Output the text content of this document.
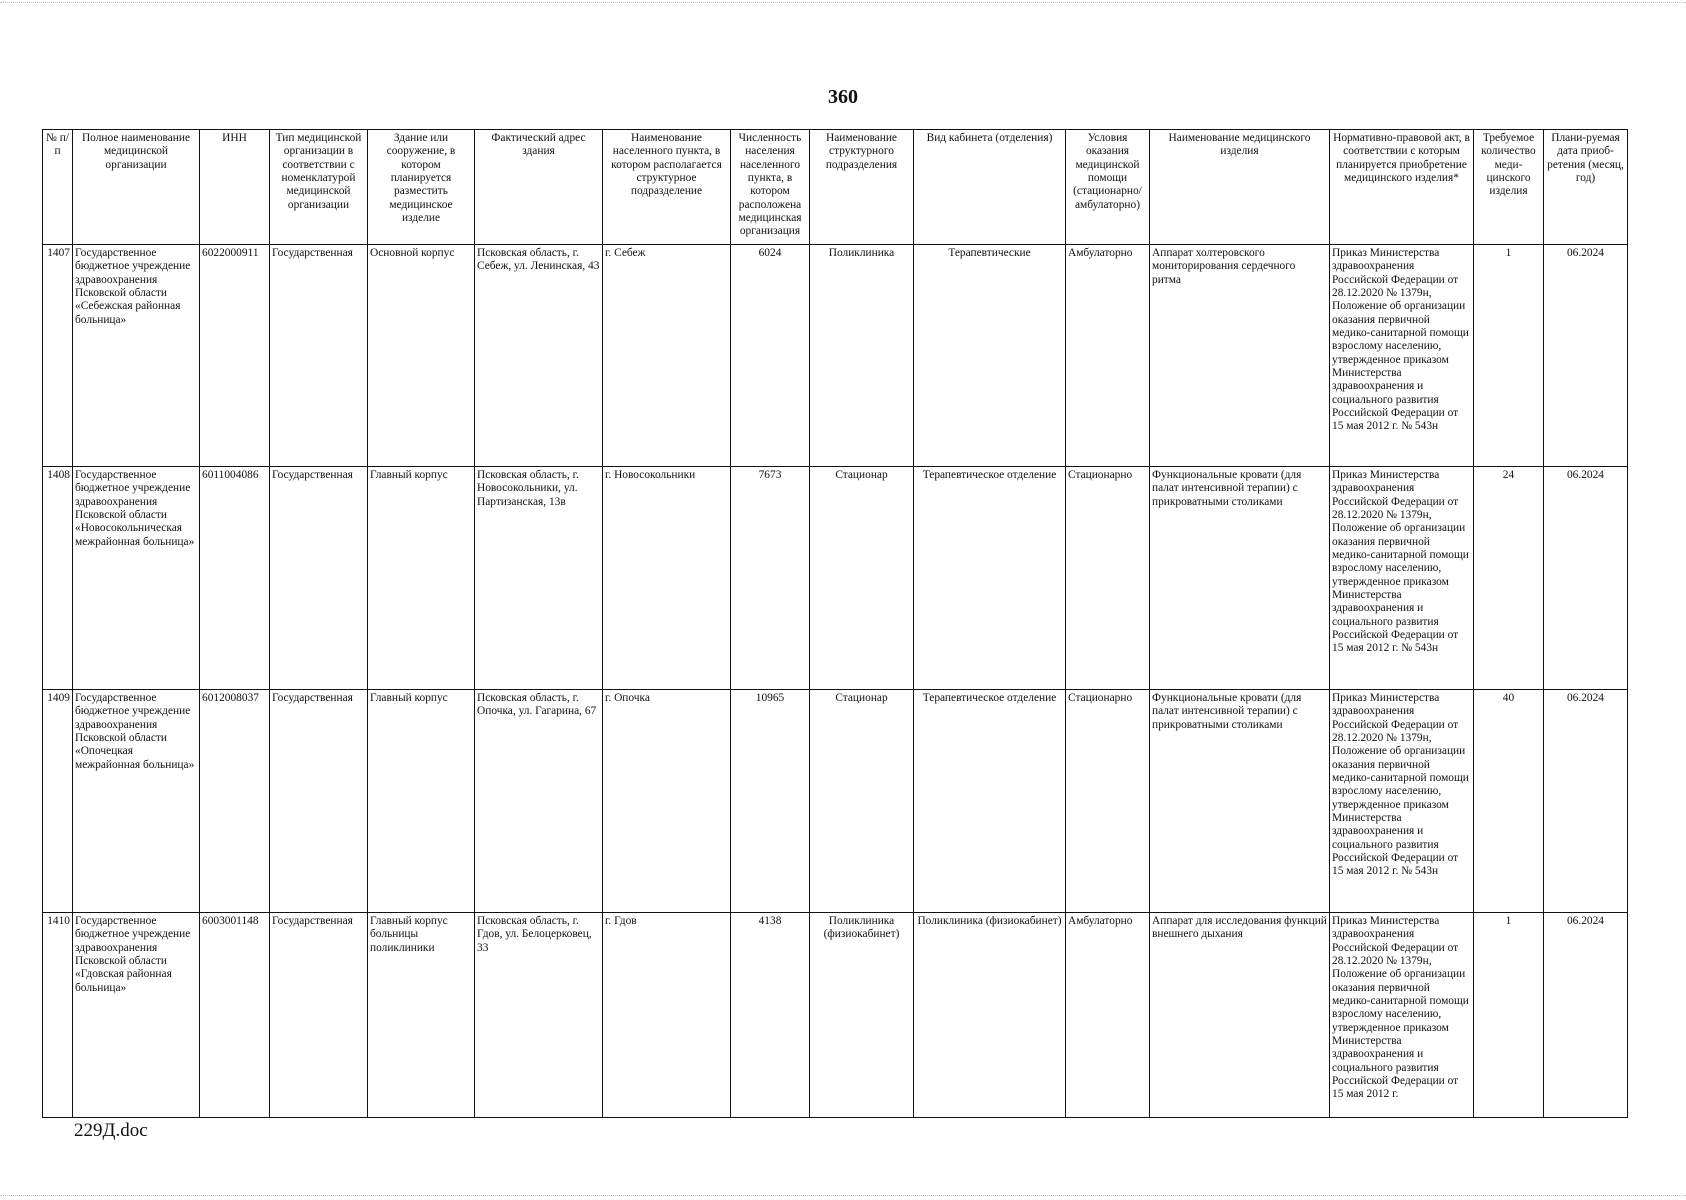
360
№ п/п	Полное наименование медицинской организации	ИНН	Тип медицинской организации в соответствии с номенклатурой медицинской организации	Здание или сооружение, в котором планируется разместить медицинское изделие	Фактический адрес здания	Наименование населенного пункта, в котором располагается структурное подразделение	Численность населения населенного пункта, в котором расположена медицинская организация	Наименование структурного подразделения	Вид кабинета (отделения)	Условия оказания медицинской помощи (стационарно/амбулаторно)	Наименование медицинского изделия	Нормативно-правовой акт, в соответствии с которым планируется приобретение медицинского изделия*	Требуемое количество меди-цинского изделия	Плани-руемая дата приоб-ретения (месяц, год)
1407	Государственное бюджетное учреждение здравоохранения Псковской области «Себежская районная больница»	6022000911	Государственная	Основной корпус	Псковская область, г. Себеж, ул. Ленинская, 43	г. Себеж	6024	Поликлиника	Терапевтические	Амбулаторно	Аппарат холтеровского мониторирования сердечного ритма	Приказ Министерства здравоохранения Российской Федерации от 28.12.2020 № 1379н, Положение об организации оказания первичной медико-санитарной помощи взрослому населению, утвержденное приказом Министерства здравоохранения и социального развития Российской Федерации от 15 мая 2012 г. № 543н	1	06.2024
1408	Государственное бюджетное учреждение здравоохранения Псковской области «Новосокольническая межрайонная больница»	6011004086	Государственная	Главный корпус	Псковская область, г. Новосокольники, ул. Партизанская, 13в	г. Новосокольники	7673	Стационар	Терапевтическое отделение	Стационарно	Функциональные кровати (для палат интенсивной терапии) с прикроватными столиками	Приказ Министерства здравоохранения Российской Федерации от 28.12.2020 № 1379н, Положение об организации оказания первичной медико-санитарной помощи взрослому населению, утвержденное приказом Министерства здравоохранения и социального развития Российской Федерации от 15 мая 2012 г. № 543н	24	06.2024
1409	Государственное бюджетное учреждение здравоохранения Псковской области «Опочецкая межрайонная больница»	6012008037	Государственная	Главный корпус	Псковская область, г. Опочка, ул. Гагарина, 67	г. Опочка	10965	Стационар	Терапевтическое отделение	Стационарно	Функциональные кровати (для палат интенсивной терапии) с прикроватными столиками	Приказ Министерства здравоохранения Российской Федерации от 28.12.2020 № 1379н, Положение об организации оказания первичной медико-санитарной помощи взрослому населению, утвержденное приказом Министерства здравоохранения и социального развития Российской Федерации от 15 мая 2012 г. № 543н	40	06.2024
1410	Государственное бюджетное учреждение здравоохранения Псковской области «Гдовская районная больница»	6003001148	Государственная	Главный корпус больницы поликлиники	Псковская область, г. Гдов, ул. Белоцерковец, 33	г. Гдов	4138	Поликлиника (физиокабинет)	Поликлиника (физиокабинет)	Амбулаторно	Аппарат для исследования функций внешнего дыхания	Приказ Министерства здравоохранения Российской Федерации от 28.12.2020 № 1379н, Положение об организации оказания первичной медико-санитарной помощи взрослому населению, утвержденное приказом Министерства здравоохранения и социального развития Российской Федерации от 15 мая 2012 г.	1	06.2024
229Д.doc
